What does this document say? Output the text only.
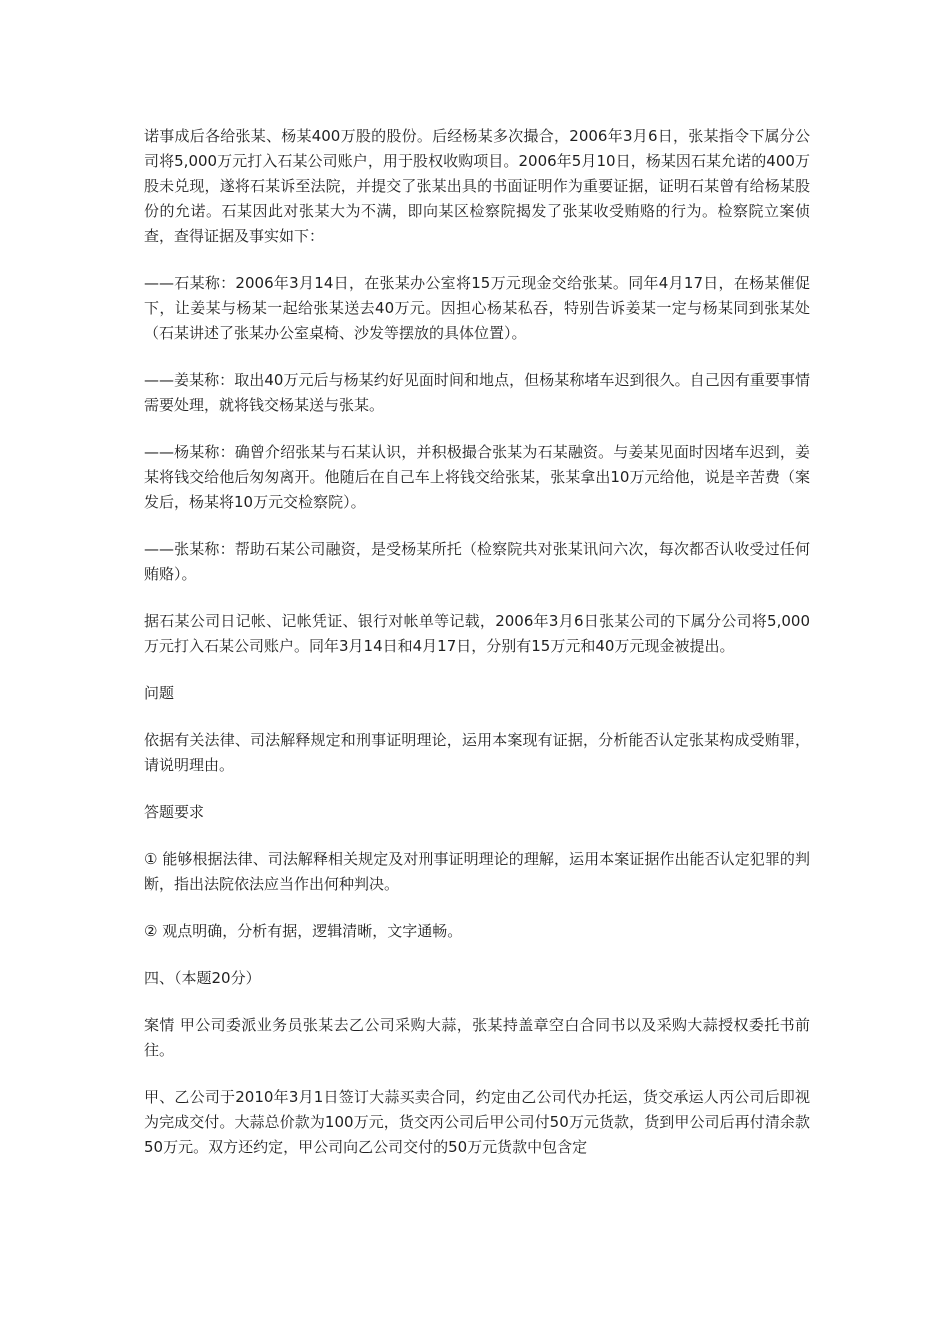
诺事成后各给张某、杨某400万股的股份。后经杨某多次撮合，2006年3月6日，张某指令下属分公司将5,000万元打入石某公司账户，用于股权收购项目。2006年5月10日，杨某因石某允诺的400万股未兑现，遂将石某诉至法院，并提交了张某出具的书面证明作为重要证据，证明石某曾有给杨某股份的允诺。石某因此对张某大为不满，即向某区检察院揭发了张某收受贿赂的行为。检察院立案侦查，查得证据及事实如下：

——石某称：2006年3月14日，在张某办公室将15万元现金交给张某。同年4月17日，在杨某催促下，让姜某与杨某一起给张某送去40万元。因担心杨某私吞，特别告诉姜某一定与杨某同到张某处（石某讲述了张某办公室桌椅、沙发等摆放的具体位置）。

——姜某称：取出40万元后与杨某约好见面时间和地点，但杨某称堵车迟到很久。自己因有重要事情需要处理，就将钱交杨某送与张某。

——杨某称：确曾介绍张某与石某认识，并积极撮合张某为石某融资。与姜某见面时因堵车迟到，姜某将钱交给他后匆匆离开。他随后在自己车上将钱交给张某，张某拿出10万元给他，说是辛苦费（案发后，杨某将10万元交检察院）。

——张某称：帮助石某公司融资，是受杨某所托（检察院共对张某讯问六次，每次都否认收受过任何贿赂）。

据石某公司日记帐、记帐凭证、银行对帐单等记载，2006年3月6日张某公司的下属分公司将5,000万元打入石某公司账户。同年3月14日和4月17日，分别有15万元和40万元现金被提出。

问题

依据有关法律、司法解释规定和刑事证明理论，运用本案现有证据，分析能否认定张某构成受贿罪，请说明理由。

答题要求

① 能够根据法律、司法解释相关规定及对刑事证明理论的理解，运用本案证据作出能否认定犯罪的判断，指出法院依法应当作出何种判决。

② 观点明确，分析有据，逻辑清晰，文字通畅。

四、（本题20分）

案情 甲公司委派业务员张某去乙公司采购大蒜，张某持盖章空白合同书以及采购大蒜授权委托书前往。

甲、乙公司于2010年3月1日签订大蒜买卖合同，约定由乙公司代办托运，货交承运人丙公司后即视为完成交付。大蒜总价款为100万元，货交丙公司后甲公司付50万元货款，货到甲公司后再付清余款50万元。双方还约定，甲公司向乙公司交付的50万元货款中包含定
